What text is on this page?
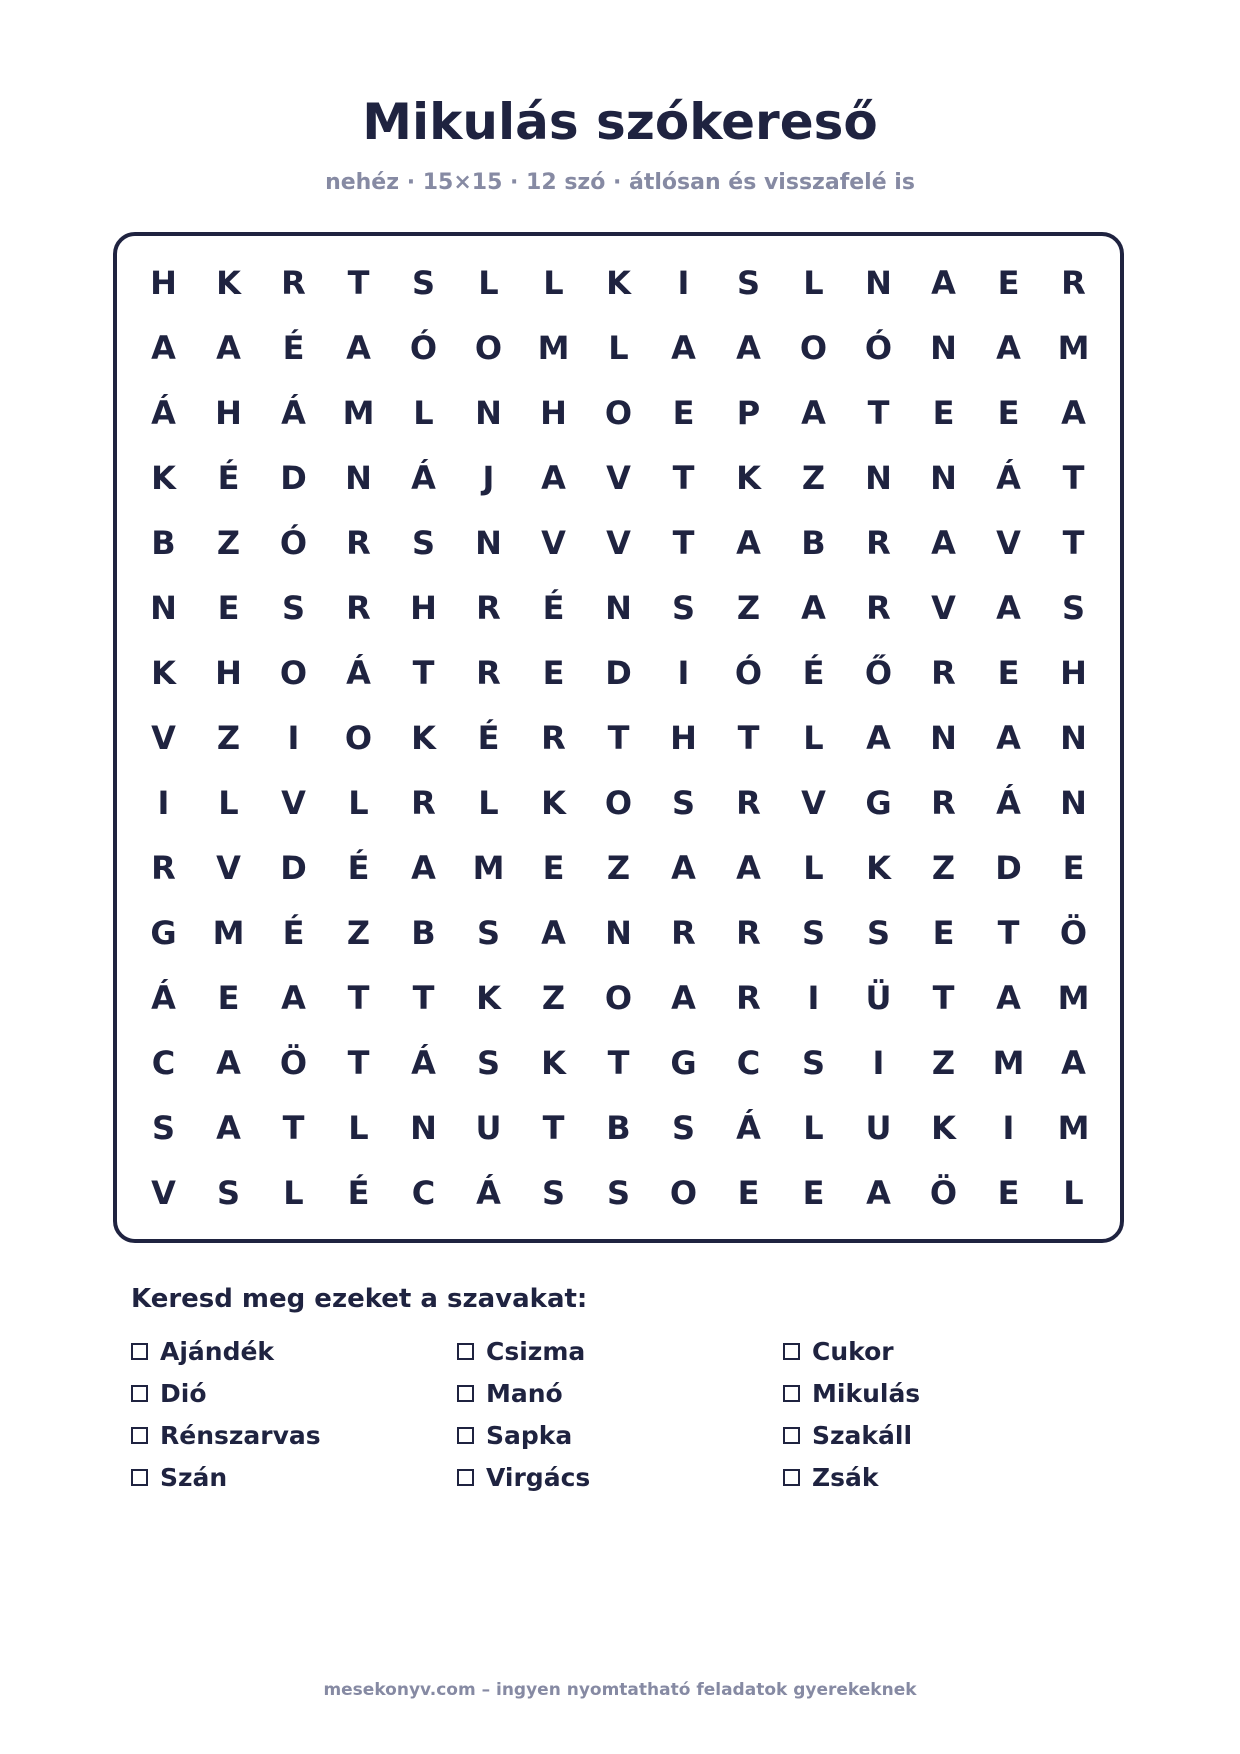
Mikulás szókereső

nehéz · 15×15 · 12 szó · átlósan és visszafelé is

H	K	R	T	S	L	L	K	I	S	L	N	A	E	R
A	A	É	A	Ó	O	M	L	A	A	O	Ó	N	A	M
Á	H	Á	M	L	N	H	O	E	P	A	T	E	E	A
K	É	D	N	Á	J	A	V	T	K	Z	N	N	Á	T
B	Z	Ó	R	S	N	V	V	T	A	B	R	A	V	T
N	E	S	R	H	R	É	N	S	Z	A	R	V	A	S
K	H	O	Á	T	R	E	D	I	Ó	É	Ő	R	E	H
V	Z	I	O	K	É	R	T	H	T	L	A	N	A	N
I	L	V	L	R	L	K	O	S	R	V	G	R	Á	N
R	V	D	É	A	M	E	Z	A	A	L	K	Z	D	E
G	M	É	Z	B	S	A	N	R	R	S	S	E	T	Ö
Á	E	A	T	T	K	Z	O	A	R	I	Ü	T	A	M
C	A	Ö	T	Á	S	K	T	G	C	S	I	Z	M	A
S	A	T	L	N	U	T	B	S	Á	L	U	K	I	M
V	S	L	É	C	Á	S	S	O	E	E	A	Ö	E	L

Keresd meg ezeket a szavakat:

Ajándék	Csizma	Cukor
Dió	Manó	Mikulás
Rénszarvas	Sapka	Szakáll
Szán	Virgács	Zsák

mesekonyv.com – ingyen nyomtatható feladatok gyerekeknek
